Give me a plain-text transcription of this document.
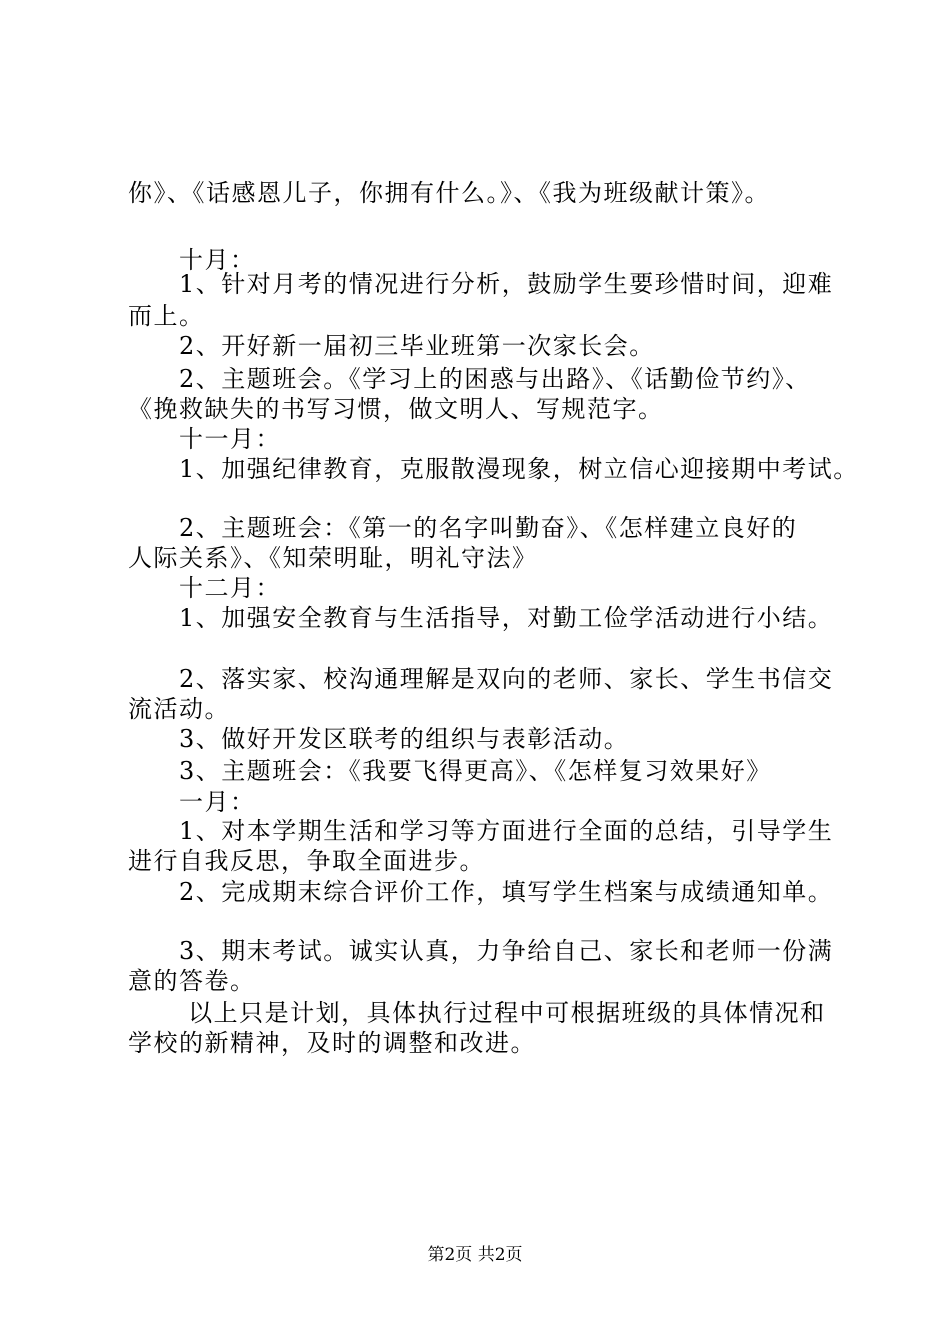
你》、《话感恩儿子，你拥有什么。》、《我为班级献计策》。
　　十月：
　　1、针对月考的情况进行分析，鼓励学生要珍惜时间，迎难
而上。
　　2、开好新一届初三毕业班第一次家长会。
　　2、主题班会。《学习上的困惑与出路》、《话勤俭节约》、
《挽救缺失的书写习惯，做文明人、写规范字。
　　十一月：
　　1、加强纪律教育，克服散漫现象，树立信心迎接期中考试。
　　2、主题班会：《第一的名字叫勤奋》、《怎样建立良好的
人际关系》、《知荣明耻，明礼守法》
　　十二月：
　　1、加强安全教育与生活指导，对勤工俭学活动进行小结。
　　2、落实家、校沟通理解是双向的老师、家长、学生书信交
流活动。
　　3、做好开发区联考的组织与表彰活动。
　　3、主题班会：《我要飞得更高》、《怎样复习效果好》
　　一月：
　　1、对本学期生活和学习等方面进行全面的总结，引导学生
进行自我反思，争取全面进步。
　　2、完成期末综合评价工作，填写学生档案与成绩通知单。
　　3、期末考试。诚实认真，力争给自己、家长和老师一份满
意的答卷。
　　 以上只是计划，具体执行过程中可根据班级的具体情况和
学校的新精神，及时的调整和改进。
第2页 共2页
